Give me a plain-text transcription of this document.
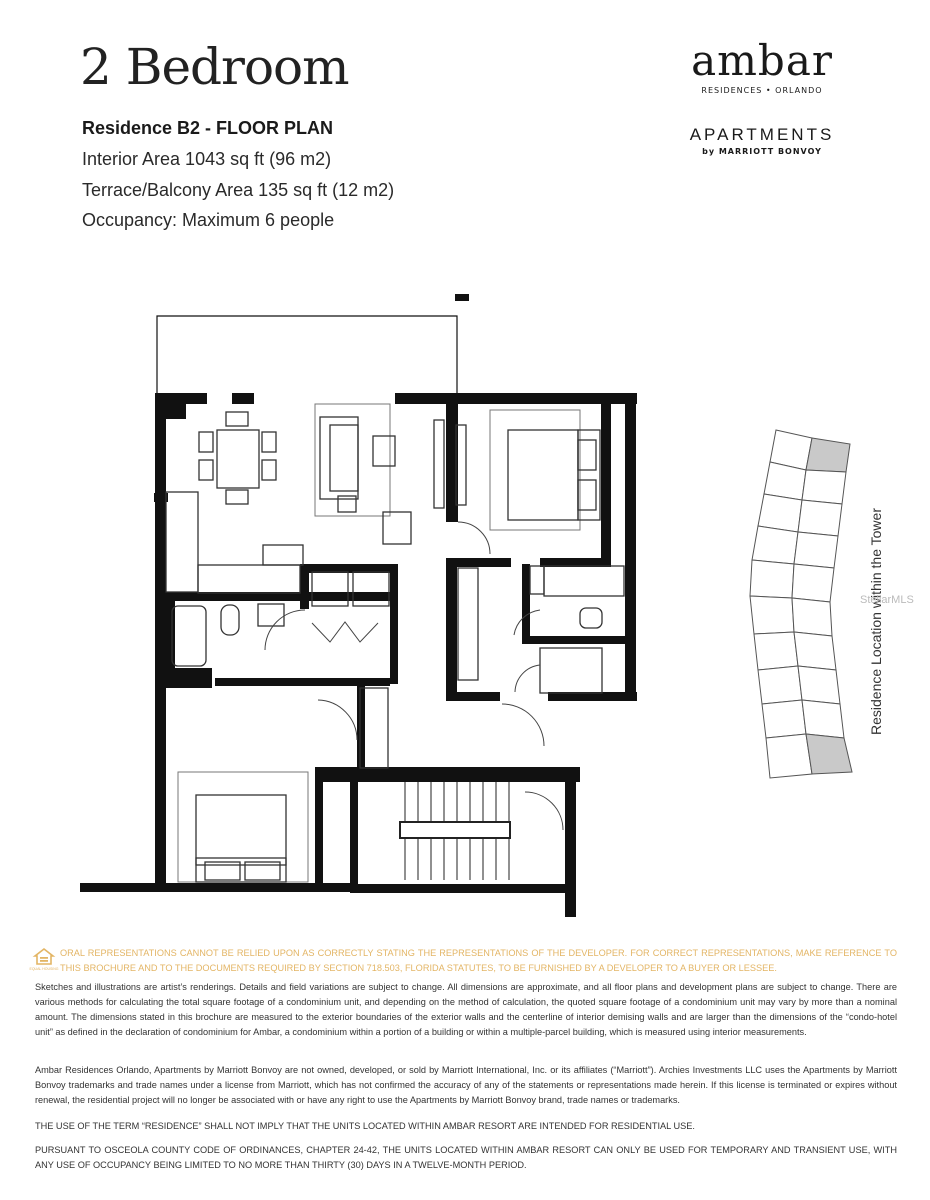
2 Bedroom
Residence B2 - FLOOR PLAN
Interior Area 1043 sq ft (96 m2)
Terrace/Balcony Area 135 sq ft (12 m2)
Occupancy: Maximum 6 people
ambar
RESIDENCES • ORLANDO
APARTMENTS
by MARRIOTT BONVOY
Residence Location within the Tower
StellarMLS
EQUAL HOUSING

ORAL REPRESENTATIONS CANNOT BE RELIED UPON AS CORRECTLY STATING THE REPRESENTATIONS OF THE DEVELOPER. FOR CORRECT REPRESENTATIONS, MAKE REFERENCE TO THIS BROCHURE AND TO THE DOCUMENTS REQUIRED BY SECTION 718.503, FLORIDA STATUTES, TO BE FURNISHED BY A DEVELOPER TO A BUYER OR LESSEE.

Sketches and illustrations are artist’s renderings. Details and field variations are subject to change. All dimensions are approximate, and all floor plans and development plans are subject to change. There are various methods for calculating the total square footage of a condominium unit, and depending on the method of calculation, the quoted square footage of a condominium unit may vary by more than a nominal amount. The dimensions stated in this brochure are measured to the exterior boundaries of the exterior walls and the centerline of interior demising walls and are larger than the dimensions of the “condo-hotel unit” as defined in the declaration of condominium for Ambar, a condominium within a portion of a building or within a multiple-parcel building, which is measured using interior measurements.

Ambar Residences Orlando, Apartments by Marriott Bonvoy are not owned, developed, or sold by Marriott International, Inc. or its affiliates (“Marriott”). Archies Investments LLC uses the Apartments by Marriott Bonvoy trademarks and trade names under a license from Marriott, which has not confirmed the accuracy of any of the statements or representations made herein. If this license is terminated or expires without renewal, the residential project will no longer be associated with or have any right to use the Apartments by Marriott Bonvoy brand, trade names or trademarks.

THE USE OF THE TERM “RESIDENCE” SHALL NOT IMPLY THAT THE UNITS LOCATED WITHIN AMBAR RESORT ARE INTENDED FOR RESIDENTIAL USE.

PURSUANT TO OSCEOLA COUNTY CODE OF ORDINANCES, CHAPTER 24-42, THE UNITS LOCATED WITHIN AMBAR RESORT CAN ONLY BE USED FOR TEMPORARY AND TRANSIENT USE, WITH ANY USE OF OCCUPANCY BEING LIMITED TO NO MORE THAN THIRTY (30) DAYS IN A TWELVE-MONTH PERIOD.
